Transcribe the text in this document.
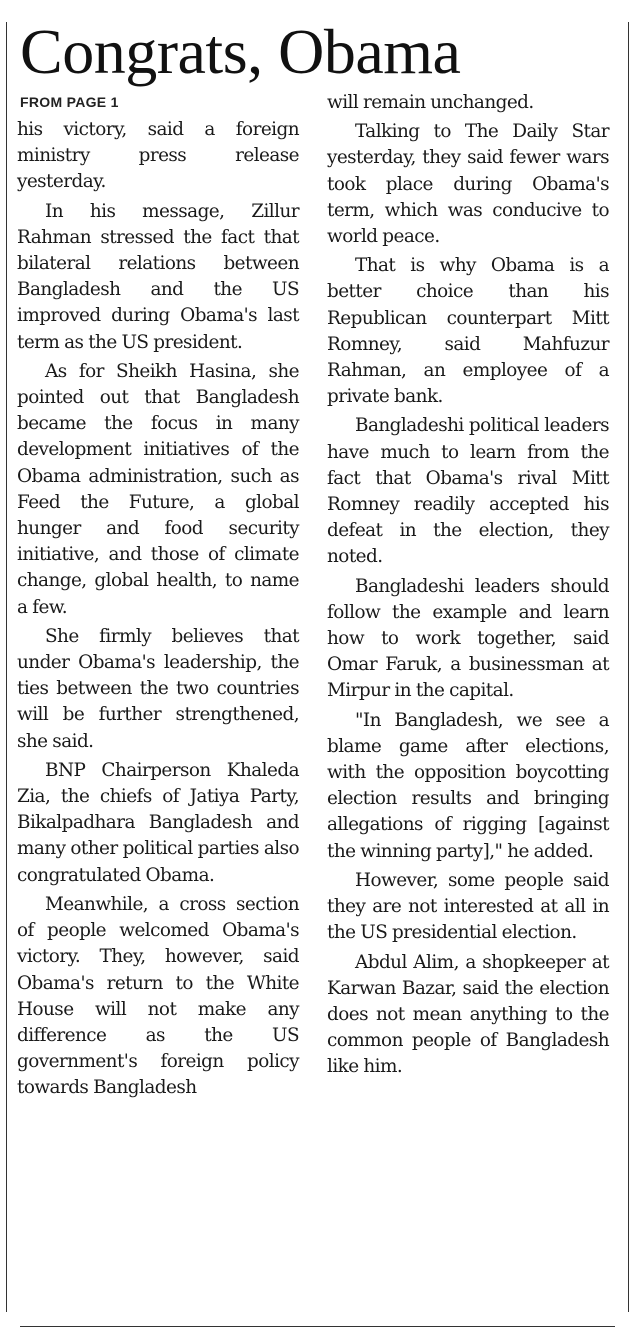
Congrats, Obama
FROM PAGE 1

his victory, said a foreign ministry press release yesterday.

In his message, Zillur Rahman stressed the fact that bilateral relations between Bangladesh and the US improved during Obama's last term as the US president.

As for Sheikh Hasina, she pointed out that Bangladesh became the focus in many development initiatives of the Obama administration, such as Feed the Future, a global hunger and food security initiative, and those of climate change, global health, to name a few.

She firmly believes that under Obama's leadership, the ties between the two countries will be further strengthened, she said.

BNP Chairperson Khaleda Zia, the chiefs of Jatiya Party, Bikalpadhara Bangladesh and many other political parties also congratulated Obama.

Meanwhile, a cross section of people welcomed Obama's victory. They, however, said Obama's return to the White House will not make any difference as the US government's foreign policy towards Bangladesh

will remain unchanged.

Talking to The Daily Star yesterday, they said fewer wars took place during Obama's term, which was conducive to world peace.

That is why Obama is a better choice than his Republican counterpart Mitt Romney, said Mahfuzur Rahman, an employee of a private bank.

Bangladeshi political leaders have much to learn from the fact that Obama's rival Mitt Romney readily accepted his defeat in the election, they noted.

Bangladeshi leaders should follow the example and learn how to work together, said Omar Faruk, a businessman at Mirpur in the capital.

"In Bangladesh, we see a blame game after elections, with the opposition boycotting election results and bringing allegations of rigging [against the winning party]," he added.

However, some people said they are not interested at all in the US presidential election.

Abdul Alim, a shopkeeper at Karwan Bazar, said the election does not mean anything to the common people of Bangladesh like him.
